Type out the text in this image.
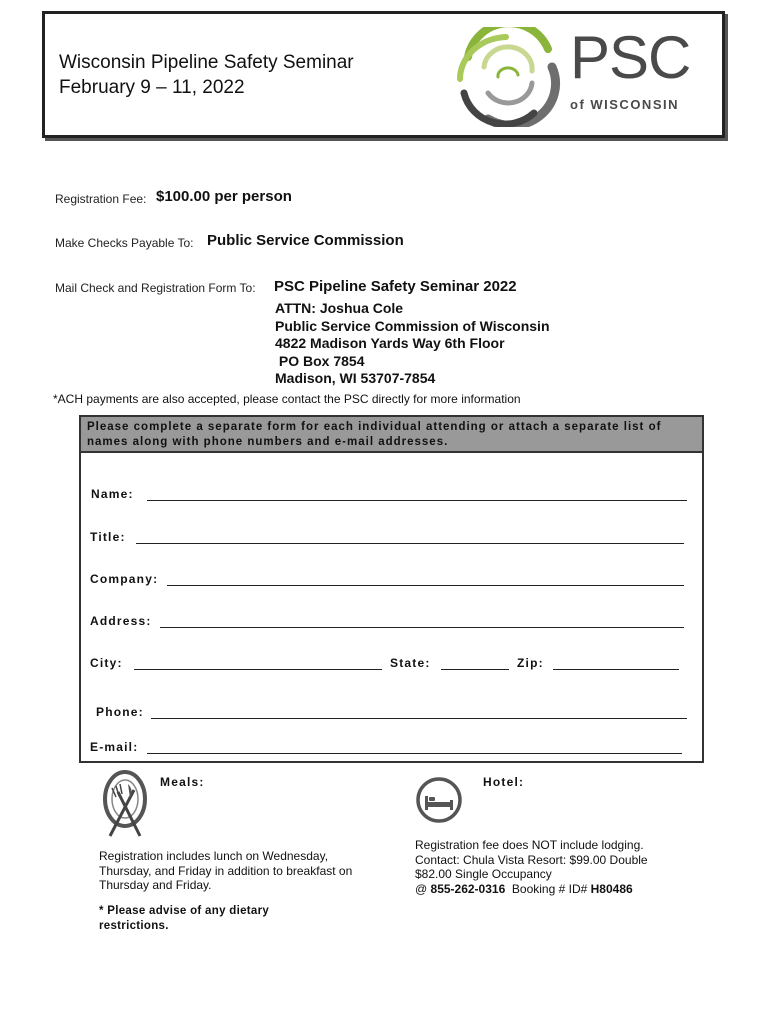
Wisconsin Pipeline Safety Seminar
February 9 – 11, 2022	PSC
of WISCONSIN
Registration Fee: $100.00 per person
Make Checks Payable To: Public Service Commission
Mail Check and Registration Form To: PSC Pipeline Safety Seminar 2022
ATTN: Joshua Cole
Public Service Commission of Wisconsin
4822 Madison Yards Way 6th Floor
PO Box 7854
Madison, WI 53707-7854
*ACH payments are also accepted, please contact the PSC directly for more information
Please complete a separate form for each individual attending or attach a separate list of names along with phone numbers and e-mail addresses.
Name:
Title:
Company:
Address:
City:	State:	Zip:
Phone:
E-mail:
Meals:
Registration includes lunch on Wednesday, Thursday, and Friday in addition to breakfast on Thursday and Friday.
* Please advise of any dietary restrictions.
Hotel:
Registration fee does NOT include lodging.
Contact: Chula Vista Resort: $99.00 Double
$82.00 Single Occupancy
@ 855-262-0316  Booking # ID# H80486
